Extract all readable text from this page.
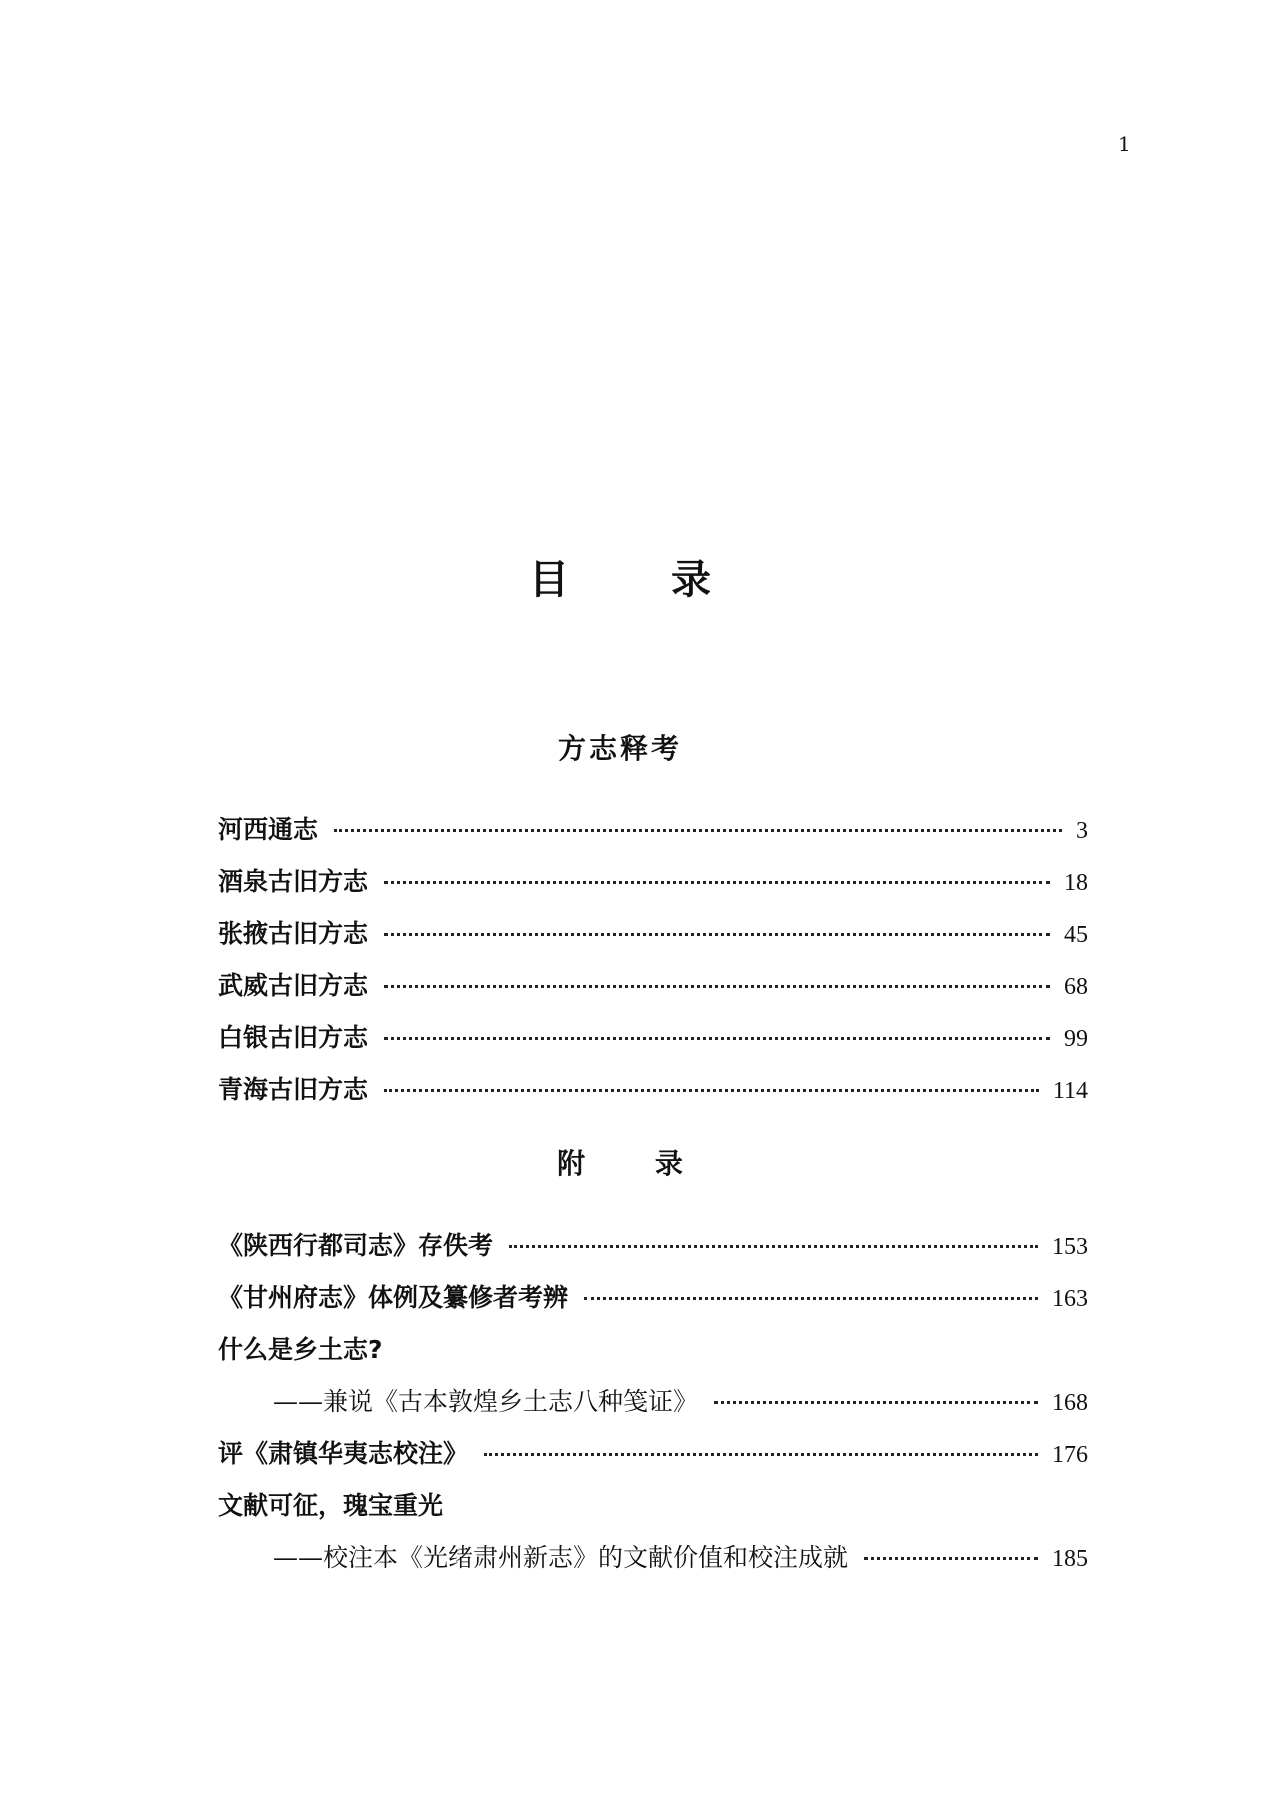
1
目 录
方志释考
河西通志	3
酒泉古旧方志	18
张掖古旧方志	45
武威古旧方志	68
白银古旧方志	99
青海古旧方志	114
附 录
《陕西行都司志》存佚考	153
《甘州府志》体例及纂修者考辨	163
什么是乡土志?
——兼说《古本敦煌乡土志八种笺证》	168
评《肃镇华夷志校注》	176
文献可征，瑰宝重光
——校注本《光绪肃州新志》的文献价值和校注成就	185
